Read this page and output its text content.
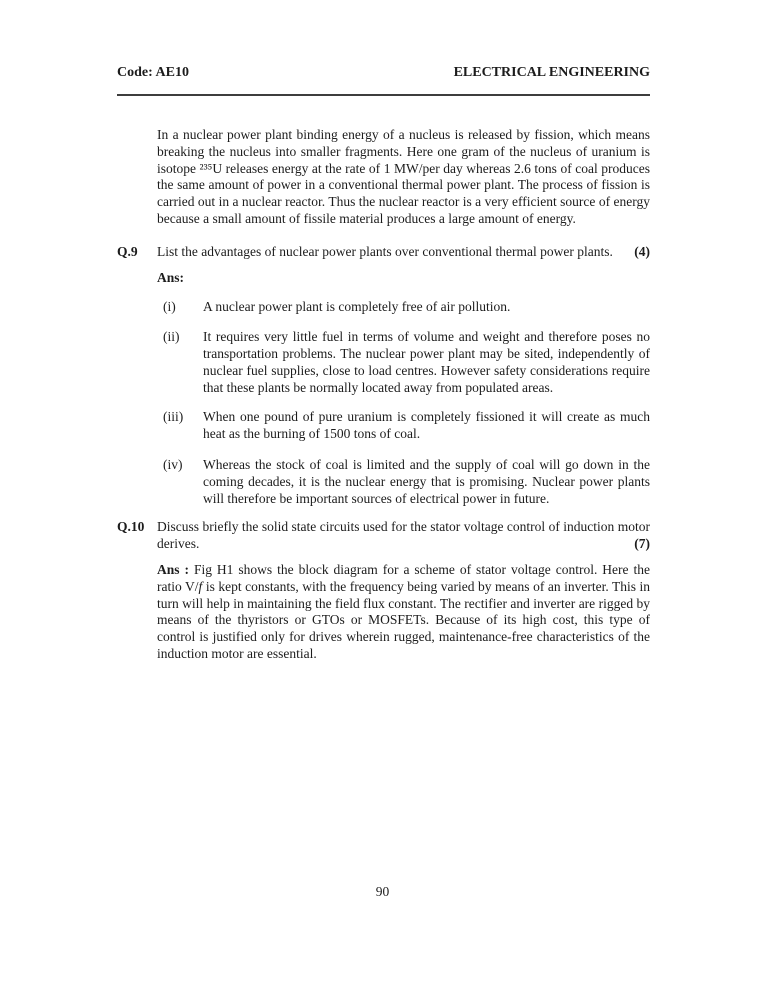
Code: AE10	ELECTRICAL ENGINEERING

In a nuclear power plant binding energy of a nucleus is released by fission, which means breaking the nucleus into smaller fragments. Here one gram of the nucleus of uranium is isotope ²³⁵U releases energy at the rate of 1 MW/per day whereas 2.6 tons of coal produces the same amount of power in a conventional thermal power plant. The process of fission is carried out in a nuclear reactor. Thus the nuclear reactor is a very efficient source of energy because a small amount of fissile material produces a large amount of energy.

Q.9	List the advantages of nuclear power plants over conventional thermal power plants. (4)

Ans:

(i)	A nuclear power plant is completely free of air pollution.
(ii)	It requires very little fuel in terms of volume and weight and therefore poses no transportation problems. The nuclear power plant may be sited, independently of nuclear fuel supplies, close to load centres. However safety considerations require that these plants be normally located away from populated areas.
(iii)	When one pound of pure uranium is completely fissioned it will create as much heat as the burning of 1500 tons of coal.
(iv)	Whereas the stock of coal is limited and the supply of coal will go down in the coming decades, it is the nuclear energy that is promising. Nuclear power plants will therefore be important sources of electrical power in future.
Q.10 Discuss briefly the solid state circuits used for the stator voltage control of induction motor derives.	(7)

Ans : Fig H1 shows the block diagram for a scheme of stator voltage control. Here the ratio V/f is kept constants, with the frequency being varied by means of an inverter. This in turn will help in maintaining the field flux constant. The rectifier and inverter are rigged by means of the thyristors or GTOs or MOSFETs. Because of its high cost, this type of control is justified only for drives wherein rugged, maintenance-free characteristics of the induction motor are essential.

90
